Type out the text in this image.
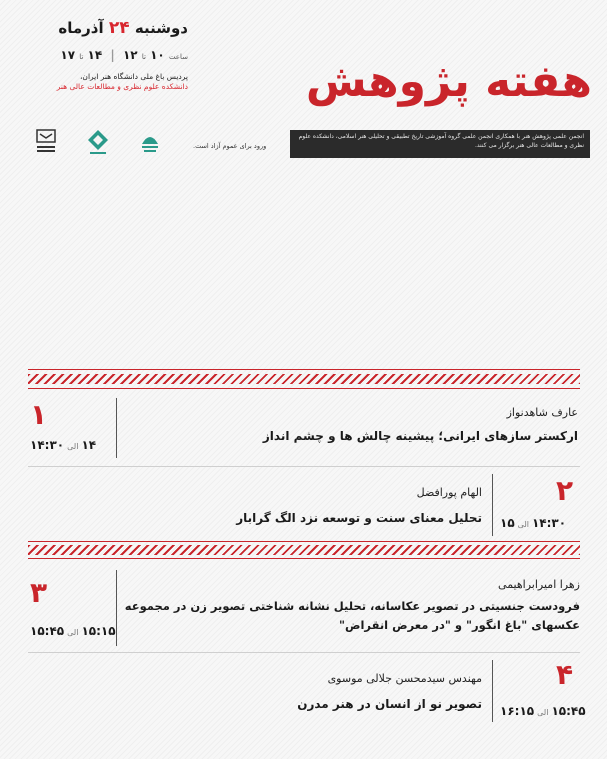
دوشنبه ۲۴ آذرماه
ساعت ۱۰ تا ۱۲ | ۱۴ تا ۱۷
پردیس باغ ملی دانشگاه هنر ایران،
دانشکده علوم نظری و مطالعات عالی هنر
ورود برای عموم آزاد است.
هفته پژوهش
انجمن علمی پژوهش هنر با همکاری انجمن علمی گروه آموزشی تاریخ تطبیقی و تحلیلی هنر اسلامی، دانشکده علوم نظری و مطالعات عالی هنر برگزار می کنند.
۱
۱۴الی۱۴:۳۰
عارف شاهدنواز
ارکستر سازهای ایرانی؛ پیشینه چالش ها و چشم انداز
الهام پورافضل
تحلیل معنای سنت و توسعه نزد الگ گرابار
۲
۱۴:۳۰الی۱۵
۳
۱۵:۱۵الی۱۵:۴۵
زهرا امیرابراهیمی
فرودست جنسیتی در تصویر عکاسانه، تحلیل نشانه شناختی تصویر زن در مجموعه
عکسهای "باغ انگور" و "در معرض انقراض"
مهندس سیدمحسن جلالی موسوی
تصویر نو از انسان در هنر مدرن
۴
۱۵:۴۵الی۱۶:۱۵
